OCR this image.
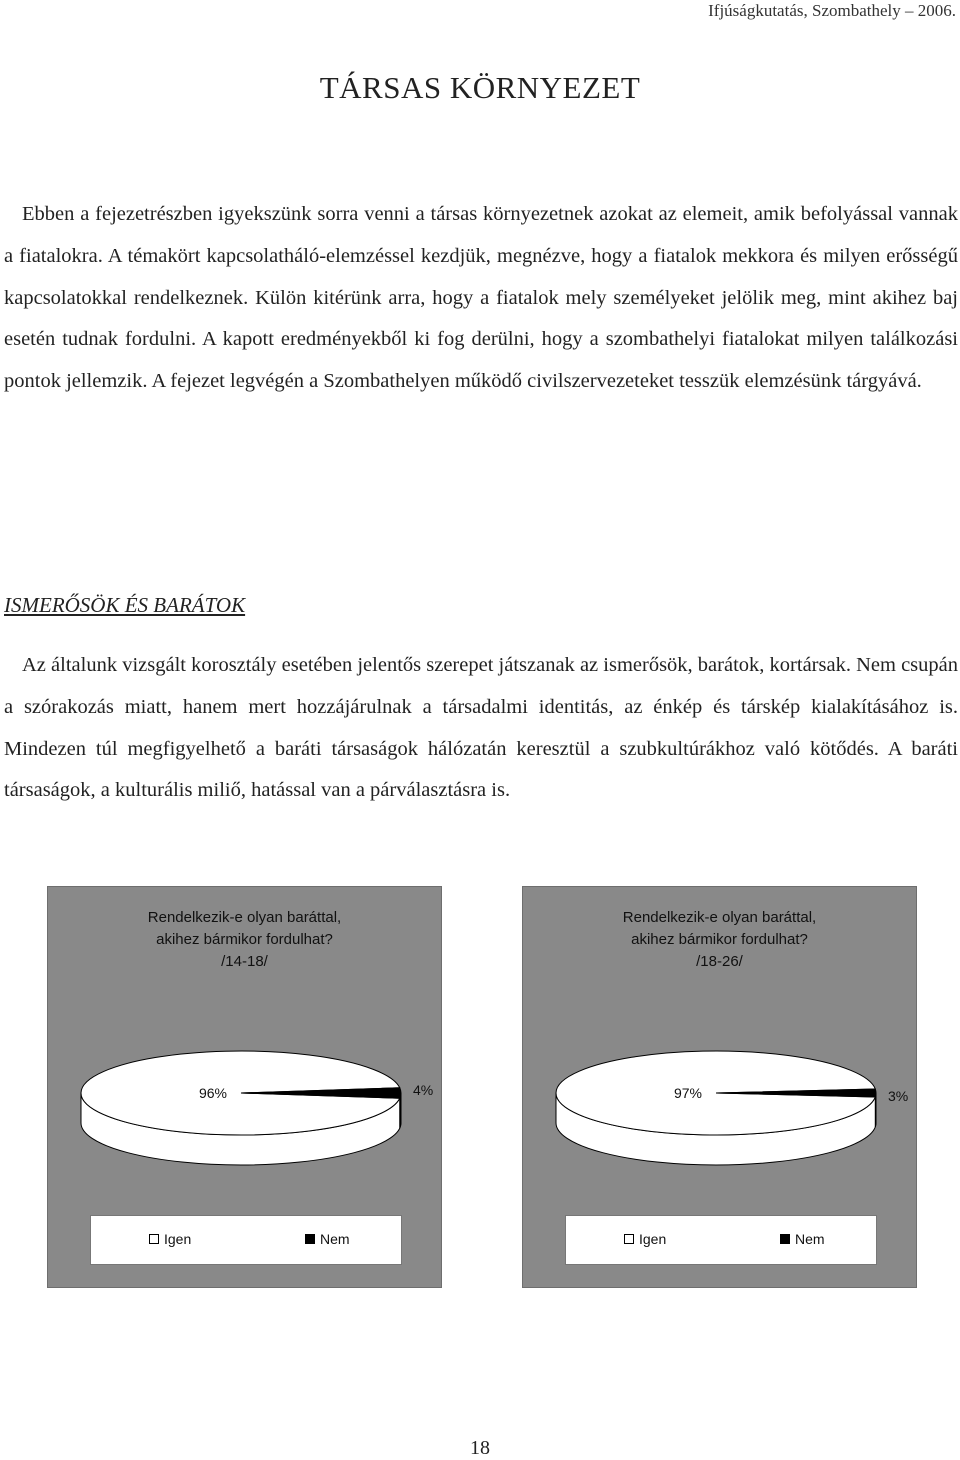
Ifjúságkutatás, Szombathely – 2006.
TÁRSAS KÖRNYEZET

Ebben a fejezetrészben igyekszünk sorra venni a társas környezetnek azokat az elemeit, amik befolyással vannak a fiatalokra. A témakört kapcsolatháló-elemzéssel kezdjük, megnézve, hogy a fiatalok mekkora és milyen erősségű kapcsolatokkal rendelkeznek. Külön kitérünk arra, hogy a fiatalok mely személyeket jelölik meg, mint akihez baj esetén tudnak fordulni. A kapott eredményekből ki fog derülni, hogy a szombathelyi fiatalokat milyen találkozási pontok jellemzik. A fejezet legvégén a Szombathelyen működő civilszervezeteket tesszük elemzésünk tárgyává.

ISMERŐSÖK ÉS BARÁTOK

Az általunk vizsgált korosztály esetében jelentős szerepet játszanak az ismerősök, barátok, kortársak. Nem csupán a szórakozás miatt, hanem mert hozzájárulnak a társadalmi identitás, az énkép és társkép kialakításához is. Mindezen túl megfigyelhető a baráti társaságok hálózatán keresztül a szubkultúrákhoz való kötődés. A baráti társaságok, a kulturális miliő, hatással van a párválasztásra is.

Rendelkezik-e olyan baráttal,
akihez bármikor fordulhat?
/14-18/
96%	4%
Igen	Nem
Rendelkezik-e olyan baráttal,
akihez bármikor fordulhat?
/18-26/
97%	3%
Igen	Nem
18
